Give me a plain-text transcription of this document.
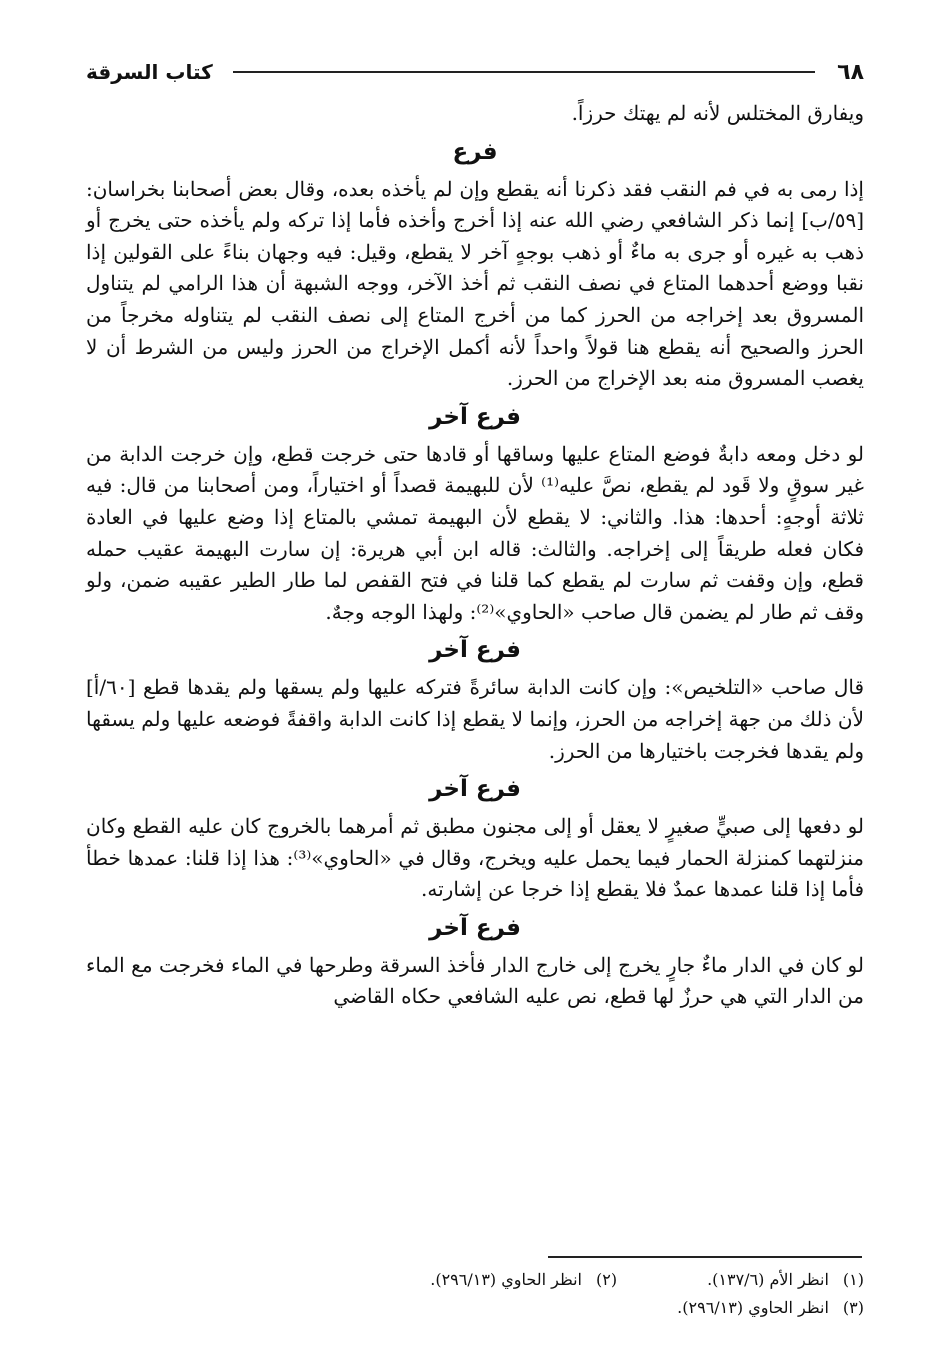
٦٨
كتاب السرقة

ويفارق المختلس لأنه لم يهتك حرزاً.

فرع

إذا رمى به في فم النقب فقد ذكرنا أنه يقطع وإن لم يأخذه بعده، وقال بعض أصحابنا بخراسان: [٥٩/ب] إنما ذكر الشافعي رضي الله عنه إذا أخرج وأخذه فأما إذا تركه ولم يأخذه حتى يخرج أو ذهب به غيره أو جرى به ماءٌ أو ذهب بوجهٍ آخر لا يقطع، وقيل: فيه وجهان بناءً على القولين إذا نقبا ووضع أحدهما المتاع في نصف النقب ثم أخذ الآخر، ووجه الشبهة أن هذا الرامي لم يتناول المسروق بعد إخراجه من الحرز كما من أخرج المتاع إلى نصف النقب لم يتناوله مخرجاً من الحرز والصحيح أنه يقطع هنا قولاً واحداً لأنه أكمل الإخراج من الحرز وليس من الشرط أن لا يغصب المسروق منه بعد الإخراج من الحرز.

فرع آخر

لو دخل ومعه دابةٌ فوضع المتاع عليها وساقها أو قادها حتى خرجت قطع، وإن خرجت الدابة من غير سوقٍ ولا قَود لم يقطع، نصَّ عليه⁽¹⁾ لأن للبهيمة قصداً أو اختياراً، ومن أصحابنا من قال: فيه ثلاثة أوجهٍ: أحدها: هذا. والثاني: لا يقطع لأن البهيمة تمشي بالمتاع إذا وضع عليها في العادة فكان فعله طريقاً إلى إخراجه. والثالث: قاله ابن أبي هريرة: إن سارت البهيمة عقيب حمله قطع، وإن وقفت ثم سارت لم يقطع كما قلنا في فتح القفص لما طار الطير عقيبه ضمن، ولو وقف ثم طار لم يضمن قال صاحب «الحاوي»⁽²⁾: ولهذا الوجه وجهٌ.

فرع آخر

قال صاحب «التلخيص»: وإن كانت الدابة سائرةً فتركه عليها ولم يسقها ولم يقدها قطع [٦٠/أ] لأن ذلك من جهة إخراجه من الحرز، وإنما لا يقطع إذا كانت الدابة واقفةً فوضعه عليها ولم يسقها ولم يقدها فخرجت باختيارها من الحرز.

فرع آخر

لو دفعها إلى صبيٍّ صغيرٍ لا يعقل أو إلى مجنون مطبق ثم أمرهما بالخروج كان عليه القطع وكان منزلتهما كمنزلة الحمار فيما يحمل عليه ويخرج، وقال في «الحاوي»⁽³⁾: هذا إذا قلنا: عمدها خطأ فأما إذا قلنا عمدها عمدٌ فلا يقطع إذا خرجا عن إشارته.

فرع آخر

لو كان في الدار ماءٌ جارٍ يخرج إلى خارج الدار فأخذ السرقة وطرحها في الماء فخرجت مع الماء من الدار التي هي حرزٌ لها قطع، نص عليه الشافعي حكاه القاضي

(١)انظر الأم (١٣٧/٦).
(٢)انظر الحاوي (٢٩٦/١٣).
(٣)انظر الحاوي (٢٩٦/١٣).
